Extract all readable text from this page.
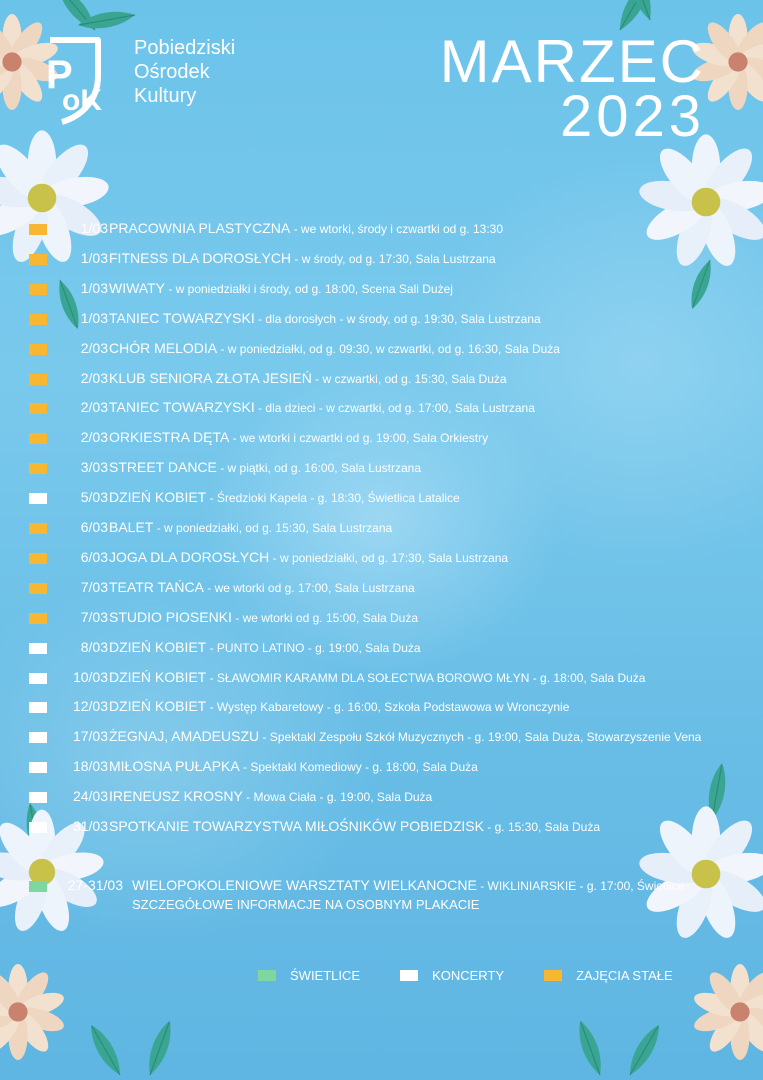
P
oK
Pobiedziski
Ośrodek
Kultury
MARZEC
2023
1/03 PRACOWNIA PLASTYCZNA - we wtorki, środy i czwartki od g. 13:30
1/03 FITNESS DLA DOROSŁYCH - w środy, od g. 17:30, Sala Lustrzana
1/03 WIWATY - w poniedziałki i środy, od g. 18:00, Scena Sali Dużej
1/03 TANIEC TOWARZYSKI - dla dorosłych - w środy, od g. 19:30, Sala Lustrzana
2/03 CHÓR MELODIA - w poniedziałki, od g. 09:30, w czwartki, od g. 16:30, Sala Duża
2/03 KLUB SENIORA ZŁOTA JESIEŃ - w czwartki, od g. 15:30, Sala Duża
2/03 TANIEC TOWARZYSKI - dla dzieci - w czwartki, od g. 17:00, Sala Lustrzana
2/03 ORKIESTRA DĘTA - we wtorki i czwartki od g. 19:00, Sala Orkiestry
3/03 STREET DANCE - w piątki, od g. 16:00, Sala Lustrzana
5/03 DZIEŃ KOBIET - Średzioki Kapela - g. 18:30, Świetlica Latalice
6/03 BALET - w poniedziałki, od g. 15:30, Sala Lustrzana
6/03 JOGA DLA DOROSŁYCH - w poniedziałki, od g. 17:30, Sala Lustrzana
7/03 TEATR TAŃCA - we wtorki od g. 17:00, Sala Lustrzana
7/03 STUDIO PIOSENKI - we wtorki od g. 15:00, Sala Duża
8/03 DZIEŃ KOBIET - PUNTO LATINO - g. 19:00, Sala Duża
10/03 DZIEŃ KOBIET - SŁAWOMIR KARAMM DLA SOŁECTWA BOROWO MŁYN - g. 18:00, Sala Duża
12/03 DZIEŃ KOBIET - Występ Kabaretowy - g. 16:00, Szkoła Podstawowa w Wronczynie
17/03 ŻEGNAJ, AMADEUSZU - Spektakl Zespołu Szkół Muzycznych - g. 19:00, Sala Duża, Stowarzyszenie Vena
18/03 MIŁOSNA PUŁAPKA - Spektakl Komediowy - g. 18:00, Sala Duża
24/03 IRENEUSZ KROSNY - Mowa Ciała - g. 19:00, Sala Duża
31/03 SPOTKANIE TOWARZYSTWA MIŁOŚNIKÓW POBIEDZISK - g. 15:30, Sala Duża
27-31/03 WIELOPOKOLENIOWE WARSZTATY WIELKANOCNE - WIKLINIARSKIE - g. 17:00, Świetlice
SZCZEGÓŁOWE INFORMACJE NA OSOBNYM PLAKACIE
ŚWIETLICE	KONCERTY	ZAJĘCIA STAŁE
